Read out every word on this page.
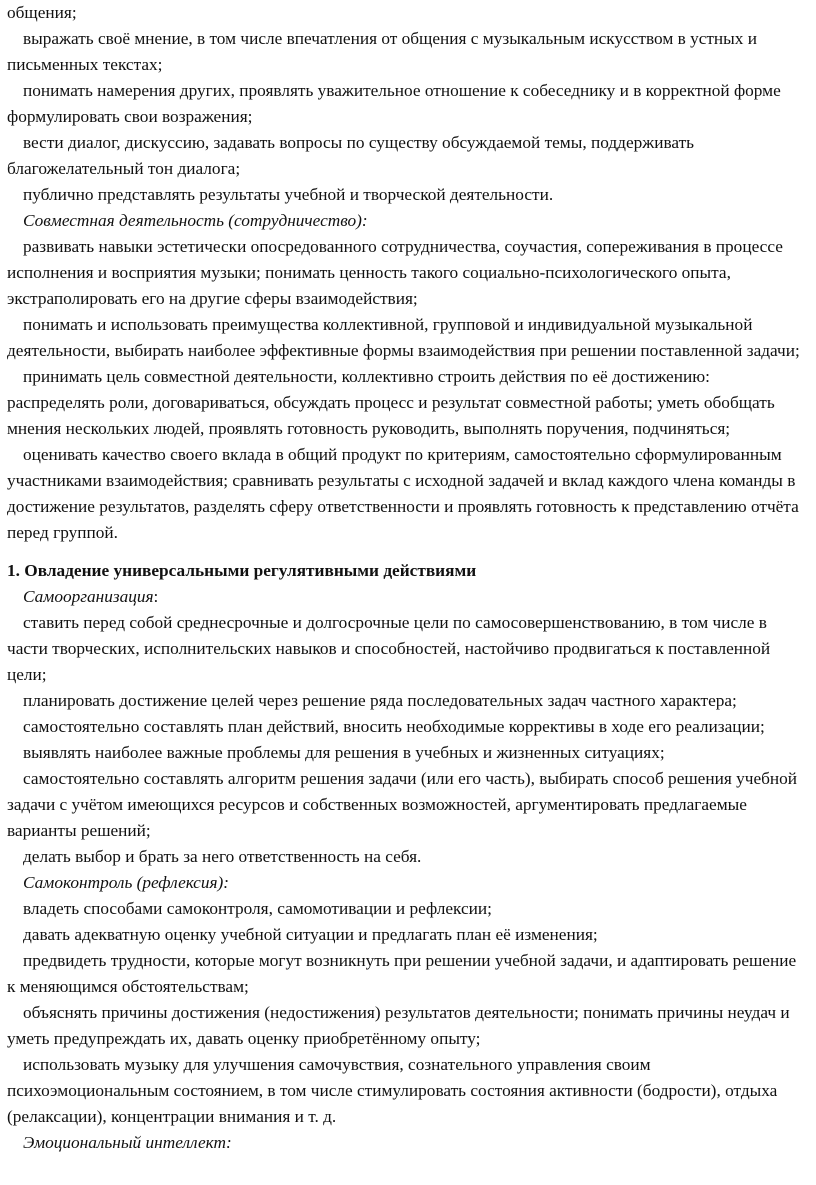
общения;

выражать своё мнение, в том числе впечатления от общения с музыкальным искусством в устных и письменных текстах;

понимать намерения других, проявлять уважительное отношение к собеседнику и в корректной форме формулировать свои возражения;

вести диалог, дискуссию, задавать вопросы по существу обсуждаемой темы, поддерживать благожелательный тон диалога;

публично представлять результаты учебной и творческой деятельности.

Совместная деятельность (сотрудничество):

развивать навыки эстетически опосредованного сотрудничества, соучастия, сопереживания в процессе исполнения и восприятия музыки; понимать ценность такого социально-психологического опыта, экстраполировать его на другие сферы взаимодействия;

понимать и использовать преимущества коллективной, групповой и индивидуальной музыкальной деятельности, выбирать наиболее эффективные формы взаимодействия при решении поставленной задачи;

принимать цель совместной деятельности, коллективно строить действия по её достижению: распределять роли, договариваться, обсуждать процесс и результат совместной работы; уметь обобщать мнения нескольких людей, проявлять готовность руководить, выполнять поручения, подчиняться;

оценивать качество своего вклада в общий продукт по критериям, самостоятельно сформулированным участниками взаимодействия; сравнивать результаты с исходной задачей и вклад каждого члена команды в достижение результатов, разделять сферу ответственности и проявлять готовность к представлению отчёта перед группой.

1. Овладение универсальными регулятивными действиями

Самоорганизация:

ставить перед собой среднесрочные и долгосрочные цели по самосовершенствованию, в том числе в части творческих, исполнительских навыков и способностей, настойчиво продвигаться к поставленной цели;

планировать достижение целей через решение ряда последовательных задач частного характера;

самостоятельно составлять план действий, вносить необходимые коррективы в ходе его реализации;

выявлять наиболее важные проблемы для решения в учебных и жизненных ситуациях;

самостоятельно составлять алгоритм решения задачи (или его часть), выбирать способ решения учебной задачи с учётом имеющихся ресурсов и собственных возможностей, аргументировать предлагаемые варианты решений;

делать выбор и брать за него ответственность на себя.

Самоконтроль (рефлексия):

владеть способами самоконтроля, самомотивации и рефлексии;

давать адекватную оценку учебной ситуации и предлагать план её изменения;

предвидеть трудности, которые могут возникнуть при решении учебной задачи, и адаптировать решение к меняющимся обстоятельствам;

объяснять причины достижения (недостижения) результатов деятельности; понимать причины неудач и уметь предупреждать их, давать оценку приобретённому опыту;

использовать музыку для улучшения самочувствия, сознательного управления своим психоэмоциональным состоянием, в том числе стимулировать состояния активности (бодрости), отдыха (релаксации), концентрации внимания и т. д.

Эмоциональный интеллект:
